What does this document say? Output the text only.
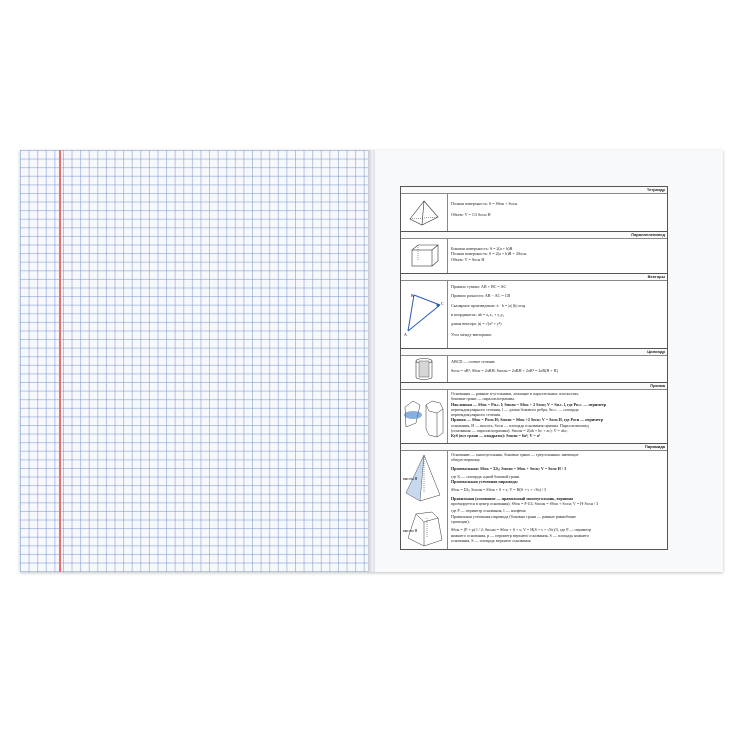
Тетраэдр
Полная поверхность: S = Sбок + Sосн.
Объем: V = 1/3 Sосн H
Параллелепипед
Боковая поверхность: S = 2(a + b)H
Полная поверхность: S = 2(a + b)H + 2Sосн.
Объем: V = Sосн H
Векторы
A
B
C
Правило суммы: AB + BC = AC
Правило разности: AB − AC = CB
Скалярное произведение: a · b = |a| |b| cosφ
в координатах: ab = x₁x₂ + y₁y₂
длина вектора: |a| = √(x² + y²)
Угол между векторами:
Цилиндр
ABCD — осевое сечение
Sосн = πR²; Sбок = 2πRH; Sполн = 2πRH + 2πR² = 2πR(H + R)
Призма
Основания — равные n-угольники, лежащие в параллельных плоскостях,
боковые грани — параллелограммы.
Наклонная — Sбок = Pп.с. l; Sполн = Sбок + 2 Sосн; V = Sп.с. l, где Pп.с. — периметр
перпендикулярного сечения, l — длина бокового ребра, Sп.с. — площадь
перпендикулярного сечения.
Прямая — Sбок = Pосн H; Sполн = Sбок +2 Sосн; V = Sосн H, где Pосн — периметр
основания, H — высота, Sосн — площадь основания призмы. Параллелепипед
(основания — параллелограммы): Sполн = 2(ab + bc + ac); V = abc;
Куб (все грани — квадраты): Sполн = 6a²; V = a³
Пирамида
высота H
высота H
Основание — многоугольник, боковые грани — треугольники, имеющие
общую вершину.
Произвольная: Sбок = ΣSᵢ; Sполн = Sбок + Sосн; V = Sосн H / 3
где Sᵢ — площадь одной боковой грани.
Произвольная усеченная пирамида:
Sбок = ΣSᵢ; Sполн = Sбок + S + s; V = H(S + s + √Ss) / 3
Правильная (основание — правильный многоугольник, вершина
проецируется в центр основания): Sбок = P·l/2; Sполн = Sбок + Sосн; V = H·Sосн / 3
где P — периметр основания, l — апофема
Правильная усеченная пирамида (боковые грани — равные равнобокие
трапеции):
Sбок = (P + p)·l / 2; Sполн = Sбок + S + s; V = H(S + s + √Ss)/3, где P — периметр
нижнего основания, p — периметр верхнего основания, S — площадь нижнего
основания, S — площадь верхнего основания
